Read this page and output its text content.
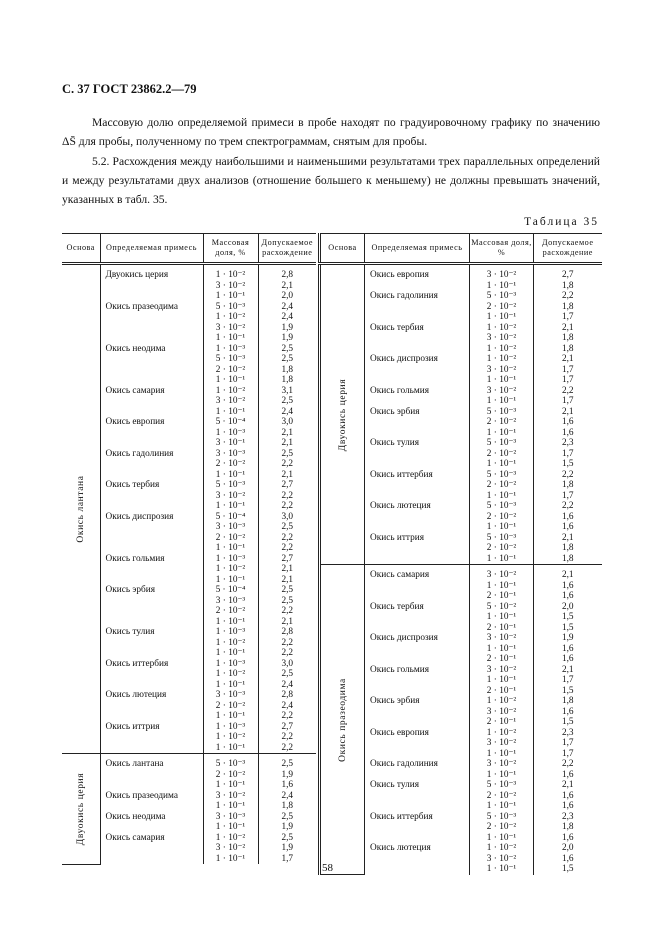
С. 37 ГОСТ 23862.2—79
Массовую долю определяемой примеси в пробе находят по градуировочному графику по значению ΔS̄ для пробы, полученному по трем спектрограммам, снятым для пробы.
5.2. Расхождения между наибольшими и наименьшими результатами трех параллельных определений и между результатами двух анализов (отношение большего к меньшему) не должны превышать значений, указанных в табл. 35.
Таблица 35
Основа	Определяемая примесь	Массовая доля, %	Допускаемое расхождение

Окись лантана	Двуокись церия	1 · 10⁻²	2,8
		3 · 10⁻²	2,1
		1 · 10⁻¹	2,0
	Окись празеодима	5 · 10⁻³	2,4
		1 · 10⁻²	2,4
		3 · 10⁻²	1,9
		1 · 10⁻¹	1,9
	Окись неодима	1 · 10⁻³	2,5
		5 · 10⁻³	2,5
		2 · 10⁻²	1,8
		1 · 10⁻¹	1,8
	Окись самария	1 · 10⁻²	3,1
		3 · 10⁻²	2,5
		1 · 10⁻¹	2,4
	Окись европия	5 · 10⁻⁴	3,0
		1 · 10⁻³	2,1
		3 · 10⁻¹	2,1
	Окись гадолиния	3 · 10⁻³	2,5
		2 · 10⁻²	2,2
		1 · 10⁻¹	2,1
	Окись тербия	5 · 10⁻³	2,7
		3 · 10⁻²	2,2
		1 · 10⁻¹	2,2
	Окись диспрозия	5 · 10⁻⁴	3,0
		3 · 10⁻³	2,5
		2 · 10⁻²	2,2
		1 · 10⁻¹	2,2
	Окись гольмия	1 · 10⁻³	2,7
		1 · 10⁻²	2,1
		1 · 10⁻¹	2,1
	Окись эрбия	5 · 10⁻⁴	2,5
		3 · 10⁻³	2,5
		2 · 10⁻²	2,2
		1 · 10⁻¹	2,1
	Окись тулия	1 · 10⁻³	2,8
		1 · 10⁻²	2,2
		1 · 10⁻¹	2,2
	Окись иттербия	1 · 10⁻³	3,0
		1 · 10⁻²	2,5
		1 · 10⁻¹	2,4
	Окись лютеция	3 · 10⁻³	2,8
		2 · 10⁻²	2,4
		1 · 10⁻¹	2,2
	Окись иттрия	1 · 10⁻³	2,7
		1 · 10⁻²	2,2
		1 · 10⁻¹	2,2

Двуокись церия	Окись лантана	5 · 10⁻³	2,5
		2 · 10⁻²	1,9
		1 · 10⁻¹	1,6
	Окись празеодима	3 · 10⁻²	2,4
		1 · 10⁻¹	1,8
	Окись неодима	3 · 10⁻³	2,5
		1 · 10⁻¹	1,9
	Окись самария	1 · 10⁻²	2,5
		3 · 10⁻²	1,9
		1 · 10⁻¹	1,7
Основа	Определяемая примесь	Массовая доля, %	Допускаемое расхождение

Двуокись церия	Окись европия	3 · 10⁻²	2,7
		1 · 10⁻¹	1,8
	Окись гадолиния	5 · 10⁻³	2,2
		2 · 10⁻²	1,8
		1 · 10⁻¹	1,7
	Окись тербия	1 · 10⁻²	2,1
		3 · 10⁻²	1,8
		1 · 10⁻²	1,8
	Окись диспрозия	1 · 10⁻²	2,1
		3 · 10⁻²	1,7
		1 · 10⁻¹	1,7
	Окись гольмия	3 · 10⁻²	2,2
		1 · 10⁻¹	1,7
	Окись эрбия	5 · 10⁻³	2,1
		2 · 10⁻²	1,6
		1 · 10⁻¹	1,6
	Окись тулия	5 · 10⁻³	2,3
		2 · 10⁻²	1,7
		1 · 10⁻¹	1,5
	Окись иттербия	5 · 10⁻³	2,2
		2 · 10⁻²	1,8
		1 · 10⁻¹	1,7
	Окись лютеция	5 · 10⁻³	2,2
		2 · 10⁻²	1,6
		1 · 10⁻¹	1,6
	Окись иттрия	5 · 10⁻³	2,1
		2 · 10⁻²	1,8
		1 · 10⁻¹	1,8

Окись празеодима	Окись самария	3 · 10⁻²	2,1
		1 · 10⁻¹	1,6
		2 · 10⁻¹	1,6
	Окись тербия	5 · 10⁻²	2,0
		1 · 10⁻¹	1,5
		2 · 10⁻¹	1,5
	Окись диспрозия	3 · 10⁻²	1,9
		1 · 10⁻¹	1,6
		2 · 10⁻¹	1,6
	Окись гольмия	3 · 10⁻²	2,1
		1 · 10⁻¹	1,7
		2 · 10⁻¹	1,5
	Окись эрбия	1 · 10⁻²	1,8
		3 · 10⁻²	1,6
		2 · 10⁻¹	1,5
	Окись европия	1 · 10⁻²	2,3
		3 · 10⁻²	1,7
		1 · 10⁻¹	1,7
	Окись гадолиния	3 · 10⁻²	2,2
		1 · 10⁻¹	1,6
	Окись тулия	5 · 10⁻³	2,1
		2 · 10⁻²	1,6
		1 · 10⁻¹	1,6
	Окись иттербия	5 · 10⁻³	2,3
		2 · 10⁻²	1,8
		1 · 10⁻¹	1,6
	Окись лютеция	1 · 10⁻²	2,0
		3 · 10⁻²	1,6
		1 · 10⁻¹	1,5
58
